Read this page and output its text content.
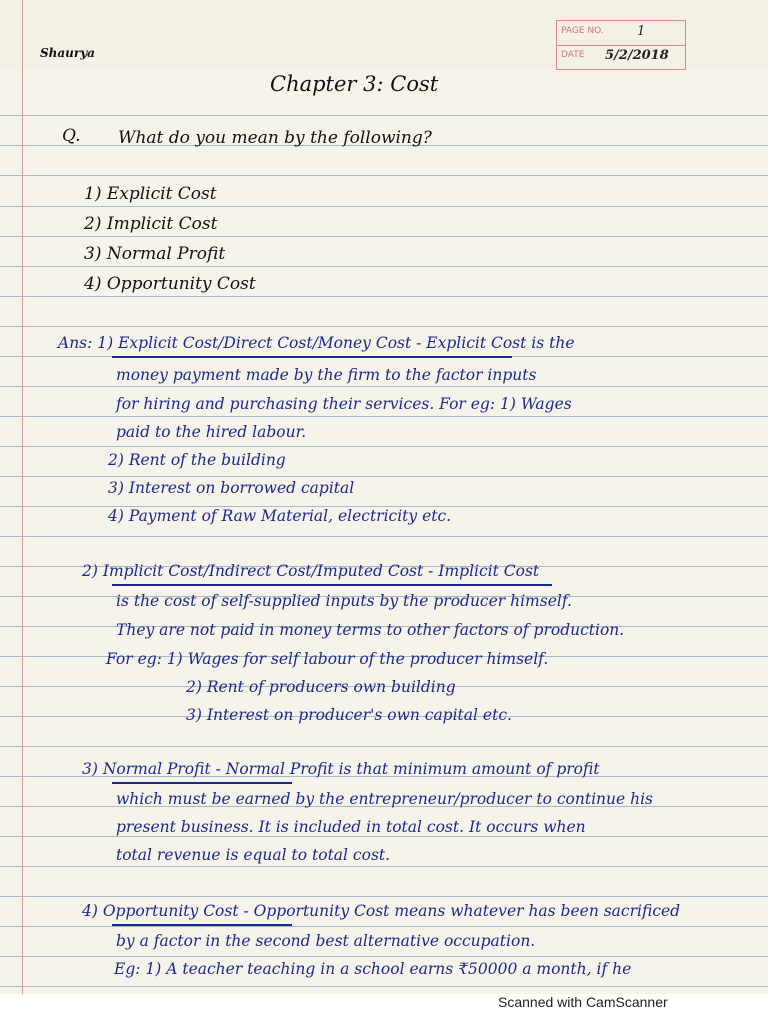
PAGE NO.	1
DATE 5/2/2018
Shaurya
Chapter 3: Cost
Q. What do you mean by the following?
1) Explicit Cost
2) Implicit Cost
3) Normal Profit
4) Opportunity Cost
Ans: 1) Explicit Cost/Direct Cost/Money Cost - Explicit Cost is the
money payment made by the firm to the factor inputs
for hiring and purchasing their services. For eg: 1) Wages
paid to the hired labour.
2) Rent of the building
3) Interest on borrowed capital
4) Payment of Raw Material, electricity etc.
2) Implicit Cost/Indirect Cost/Imputed Cost - Implicit Cost
is the cost of self-supplied inputs by the producer himself.
They are not paid in money terms to other factors of production.
For eg: 1) Wages for self labour of the producer himself.
2) Rent of producers own building
3) Interest on producer's own capital etc.
3) Normal Profit - Normal Profit is that minimum amount of profit
which must be earned by the entrepreneur/producer to continue his
present business. It is included in total cost. It occurs when
total revenue is equal to total cost.
4) Opportunity Cost - Opportunity Cost means whatever has been sacrificed
by a factor in the second best alternative occupation.
Eg: 1) A teacher teaching in a school earns ₹50000 a month, if he
Scanned with CamScanner
